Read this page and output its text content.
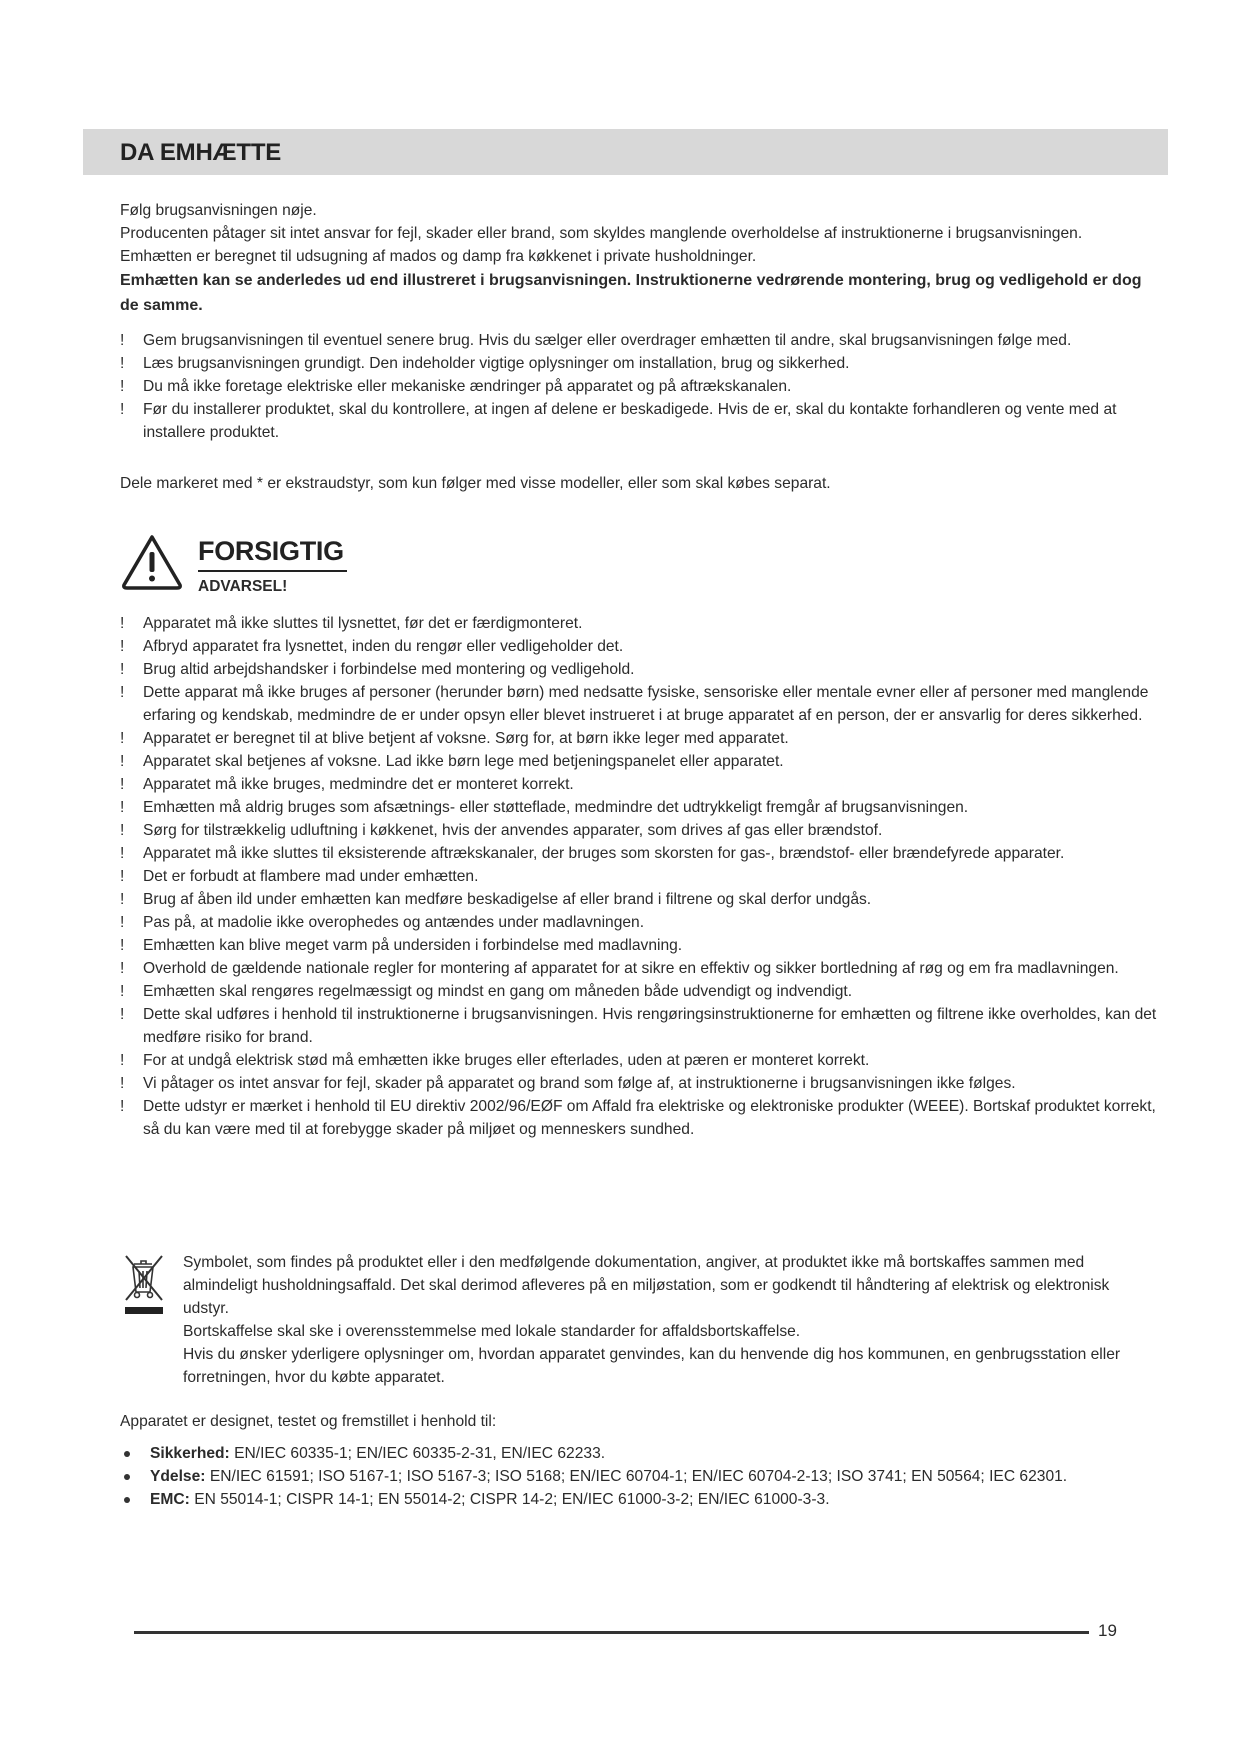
DA EMHÆTTE

Følg brugsanvisningen nøje.

Producenten påtager sit intet ansvar for fejl, skader eller brand, som skyldes manglende overholdelse af instruktionerne i brugsanvisningen.

Emhætten er beregnet til udsugning af mados og damp fra køkkenet i private husholdninger.

Emhætten kan se anderledes ud end illustreret i brugsanvisningen. Instruktionerne vedrørende montering, brug og vedligehold er dog de samme.

! Gem brugsanvisningen til eventuel senere brug. Hvis du sælger eller overdrager emhætten til andre, skal brugsanvisningen følge med.
! Læs brugsanvisningen grundigt. Den indeholder vigtige oplysninger om installation, brug og sikkerhed.
! Du må ikke foretage elektriske eller mekaniske ændringer på apparatet og på aftrækskanalen.
! Før du installerer produktet, skal du kontrollere, at ingen af delene er beskadigede. Hvis de er, skal du kontakte forhandleren og vente med at installere produktet.
Dele markeret med * er ekstraudstyr, som kun følger med visse modeller, eller som skal købes separat.
FORSIGTIG
ADVARSEL!
! Apparatet må ikke sluttes til lysnettet, før det er færdigmonteret.
! Afbryd apparatet fra lysnettet, inden du rengør eller vedligeholder det.
! Brug altid arbejdshandsker i forbindelse med montering og vedligehold.
! Dette apparat må ikke bruges af personer (herunder børn) med nedsatte fysiske, sensoriske eller mentale evner eller af personer med manglende erfaring og kendskab, medmindre de er under opsyn eller blevet instrueret i at bruge apparatet af en person, der er ansvarlig for deres sikkerhed.
! Apparatet er beregnet til at blive betjent af voksne. Sørg for, at børn ikke leger med apparatet.
! Apparatet skal betjenes af voksne. Lad ikke børn lege med betjeningspanelet eller apparatet.
! Apparatet må ikke bruges, medmindre det er monteret korrekt.
! Emhætten må aldrig bruges som afsætnings- eller støtteflade, medmindre det udtrykkeligt fremgår af brugsanvisningen.
! Sørg for tilstrækkelig udluftning i køkkenet, hvis der anvendes apparater, som drives af gas eller brændstof.
! Apparatet må ikke sluttes til eksisterende aftrækskanaler, der bruges som skorsten for gas-, brændstof- eller brændefyrede apparater.
! Det er forbudt at flambere mad under emhætten.
! Brug af åben ild under emhætten kan medføre beskadigelse af eller brand i filtrene og skal derfor undgås.
! Pas på, at madolie ikke overophedes og antændes under madlavningen.
! Emhætten kan blive meget varm på undersiden i forbindelse med madlavning.
! Overhold de gældende nationale regler for montering af apparatet for at sikre en effektiv og sikker bortledning af røg og em fra madlavningen.
! Emhætten skal rengøres regelmæssigt og mindst en gang om måneden både udvendigt og indvendigt.
! Dette skal udføres i henhold til instruktionerne i brugsanvisningen. Hvis rengøringsinstruktionerne for emhætten og filtrene ikke overholdes, kan det medføre risiko for brand.
! For at undgå elektrisk stød må emhætten ikke bruges eller efterlades, uden at pæren er monteret korrekt.
! Vi påtager os intet ansvar for fejl, skader på apparatet og brand som følge af, at instruktionerne i brugsanvisningen ikke følges.
! Dette udstyr er mærket i henhold til EU direktiv 2002/96/EØF om Affald fra elektriske og elektroniske produkter (WEEE). Bortskaf produktet korrekt, så du kan være med til at forebygge skader på miljøet og menneskers sundhed.

Symbolet, som findes på produktet eller i den medfølgende dokumentation, angiver, at produktet ikke må bortskaffes sammen med almindeligt husholdningsaffald. Det skal derimod afleveres på en miljøstation, som er godkendt til håndtering af elektrisk og elektronisk udstyr.

Bortskaffelse skal ske i overensstemmelse med lokale standarder for affaldsbortskaffelse.

Hvis du ønsker yderligere oplysninger om, hvordan apparatet genvindes, kan du henvende dig hos kommunen, en genbrugsstation eller forretningen, hvor du købte apparatet.

Apparatet er designet, testet og fremstillet i henhold til:
Sikkerhed: EN/IEC 60335-1; EN/IEC 60335-2-31, EN/IEC 62233.
Ydelse: EN/IEC 61591; ISO 5167-1; ISO 5167-3; ISO 5168; EN/IEC 60704-1; EN/IEC 60704-2-13; ISO 3741; EN 50564; IEC 62301.
EMC: EN 55014-1; CISPR 14-1; EN 55014-2; CISPR 14-2; EN/IEC 61000-3-2; EN/IEC 61000-3-3.
19
